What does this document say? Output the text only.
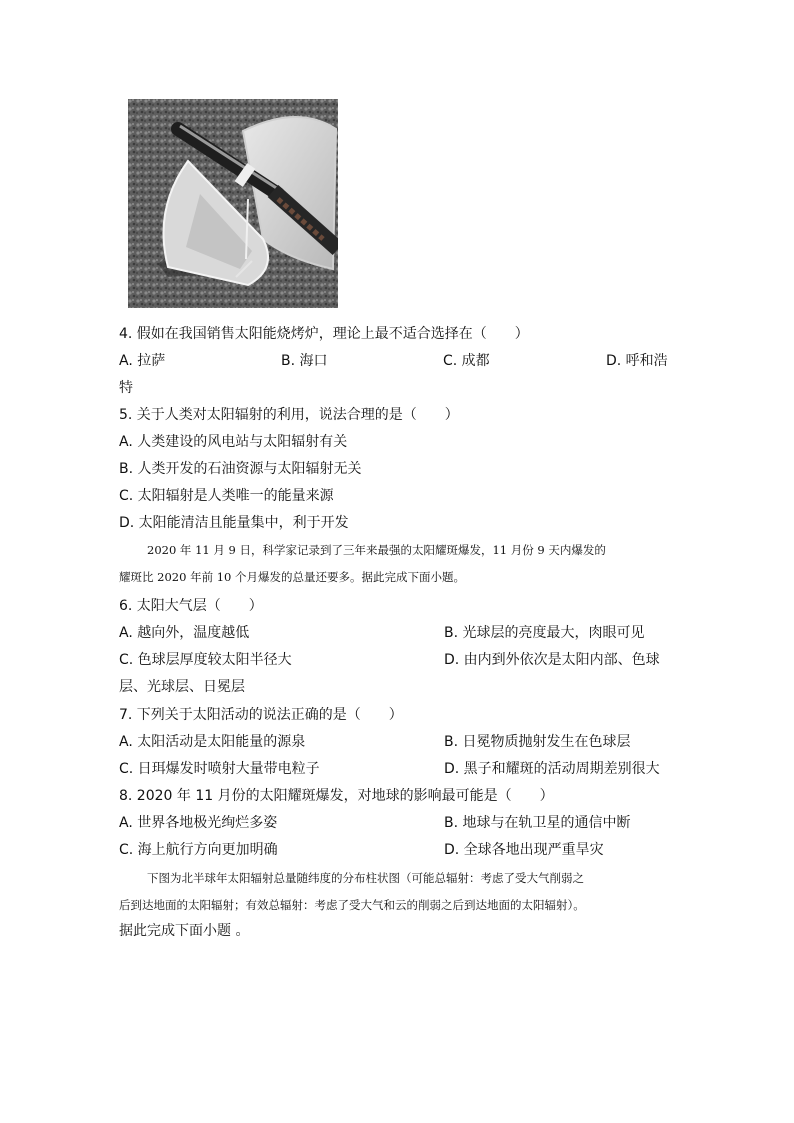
4. 假如在我国销售太阳能烧烤炉，理论上最不适合选择在（　　）
A. 拉萨	B. 海口	C. 成都	D. 呼和浩
特
5. 关于人类对太阳辐射的利用，说法合理的是（　　）
A. 人类建设的风电站与太阳辐射有关
B. 人类开发的石油资源与太阳辐射无关
C. 太阳辐射是人类唯一的能量来源
D. 太阳能清洁且能量集中，利于开发
2020 年 11 月 9 日，科学家记录到了三年来最强的太阳耀斑爆发，11 月份 9 天内爆发的
耀斑比 2020 年前 10 个月爆发的总量还要多。据此完成下面小题。
6. 太阳大气层（　　）
A. 越向外，温度越低	B. 光球层的亮度最大，肉眼可见
C. 色球层厚度较太阳半径大	D. 由内到外依次是太阳内部、色球
层、光球层、日冕层
7. 下列关于太阳活动的说法正确的是（　　）
A. 太阳活动是太阳能量的源泉	B. 日冕物质抛射发生在色球层
C. 日珥爆发时喷射大量带电粒子	D. 黑子和耀斑的活动周期差别很大
8. 2020 年 11 月份的太阳耀斑爆发，对地球的影响最可能是（　　）
A. 世界各地极光绚烂多姿	B. 地球与在轨卫星的通信中断
C. 海上航行方向更加明确	D. 全球各地出现严重旱灾
下图为北半球年太阳辐射总量随纬度的分布柱状图（可能总辐射：考虑了受大气削弱之
后到达地面的太阳辐射；有效总辐射：考虑了受大气和云的削弱之后到达地面的太阳辐射）。
据此完成下面小题 。
